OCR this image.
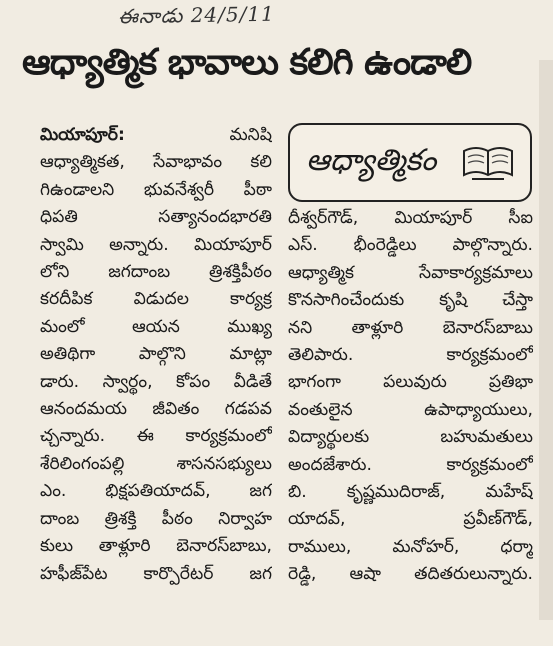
ఈనాడు 24/5/11
ఆధ్యాత్మిక భావాలు కలిగి ఉండాలి
మియాపూర్:	మనిషి
ఆధ్యాత్మికత, సేవాభావం కలి
గిఉండాలని భువనేశ్వరీ పీఠా
ధిపతి సత్యానందభారతి
స్వామి అన్నారు. మియాపూర్
లోని జగదాంబ త్రిశక్తిపీఠం
కరదీపిక విడుదల కార్యక్ర
మంలో ఆయన ముఖ్య
అతిథిగా పాల్గొని మాట్లా
డారు. స్వార్థం, కోపం వీడితే
ఆనందమయ జీవితం గడపవ
చ్చన్నారు. ఈ కార్యక్రమంలో
శేరిలింగంపల్లి శాసనసభ్యులు
ఎం. భిక్షపతియాదవ్, జగ
దాంబ త్రిశక్తి పీఠం నిర్వాహ
కులు తాళ్లూరి బెనారస్‌బాబు,
హఫీజ్‌పేట కార్పొరేటర్ జగ
ఆధ్యాత్మికం
దీశ్వర్‌గౌడ్, మియాపూర్ సీఐ
ఎస్. భీంరెడ్డిలు పాల్గొన్నారు.
ఆధ్యాత్మిక సేవాకార్యక్రమాలు
కొనసాగించేందుకు కృషి చేస్తా
నని తాళ్లూరి బెనారస్‌బాబు
తెలిపారు. కార్యక్రమంలో
భాగంగా పలువురు ప్రతిభా
వంతులైన ఉపాధ్యాయులు,
విద్యార్థులకు బహుమతులు
అందజేశారు. కార్యక్రమంలో
బి. కృష్ణముదిరాజ్, మహేష్
యాదవ్, ప్రవీణ్‌గౌడ్,
రాములు, మనోహర్, ధర్మా
రెడ్డి, ఆషా తదితరులున్నారు.
